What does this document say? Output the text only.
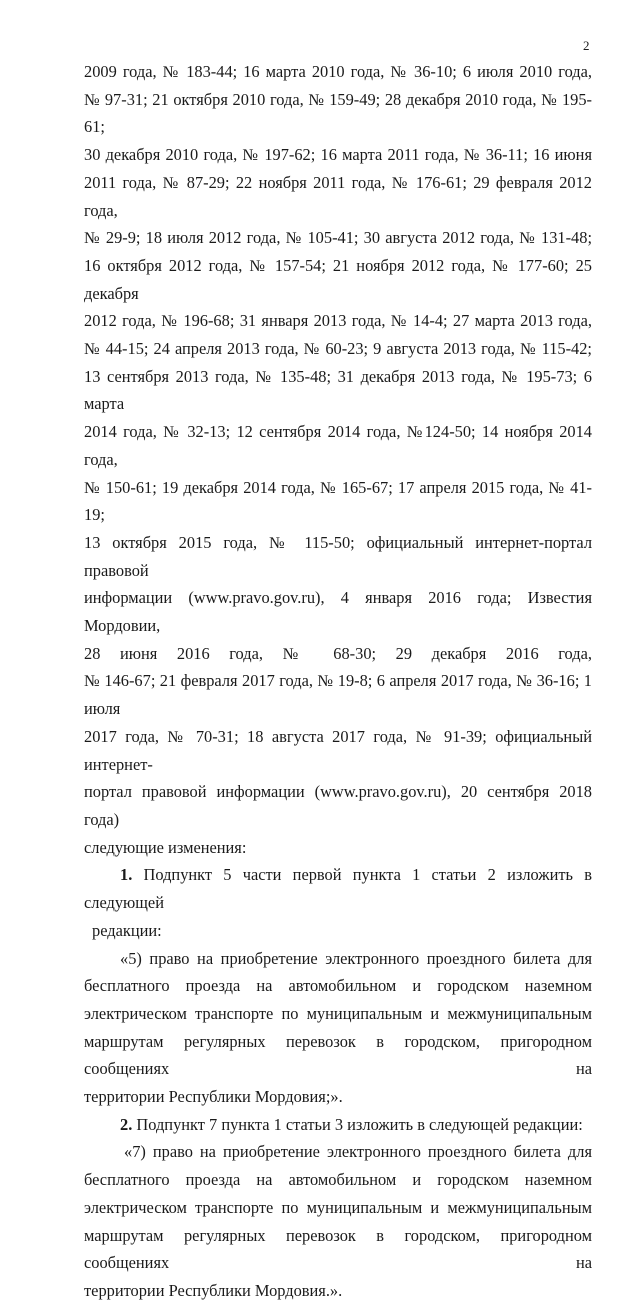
2

2009 года, № 183-44; 16 марта 2010 года, № 36-10; 6 июля 2010 года,
№ 97-31; 21 октября 2010 года, № 159-49; 28 декабря 2010 года, № 195-61;
30 декабря 2010 года, № 197-62; 16 марта 2011 года, № 36-11; 16 июня
2011 года, № 87-29; 22 ноября 2011 года, № 176-61; 29 февраля 2012 года,
№ 29-9; 18 июля 2012 года, № 105-41; 30 августа 2012 года, № 131-48;
16 октября 2012 года, № 157-54; 21 ноября 2012 года, № 177-60; 25 декабря
2012 года, № 196-68; 31 января 2013 года, № 14-4; 27 марта 2013 года,
№ 44-15; 24 апреля 2013 года, № 60-23; 9 августа 2013 года, № 115-42;
13 сентября 2013 года, № 135-48; 31 декабря 2013 года, № 195-73; 6 марта
2014 года, № 32-13; 12 сентября 2014 года, №124-50; 14 ноября 2014 года,
№ 150-61; 19 декабря 2014 года, № 165-67; 17 апреля 2015 года, № 41-19;
13 октября 2015 года, № 115-50; официальный интернет-портал правовой
информации (www.pravo.gov.ru), 4 января 2016 года; Известия Мордовии,
28 июня 2016 года, № 68-30; 29 декабря 2016 года,
№ 146-67; 21 февраля 2017 года, № 19-8; 6 апреля 2017 года, № 36-16; 1 июля
2017 года, № 70-31; 18 августа 2017 года, № 91-39; официальный интернет-
портал правовой информации (www.pravo.gov.ru), 20 сентября 2018 года)
следующие изменения:

1. Подпункт 5 части первой пункта 1 статьи 2 изложить в следующей

редакции:

«5) право на приобретение электронного проездного билета для
бесплатного проезда на автомобильном и городском наземном
электрическом транспорте по муниципальным и межмуниципальным
маршрутам регулярных перевозок в городском, пригородном сообщениях на
территории Республики Мордовия;».

2. Подпункт 7 пункта 1 статьи 3 изложить в следующей редакции:

«7) право на приобретение электронного проездного билета для
бесплатного проезда на автомобильном и городском наземном
электрическом транспорте по муниципальным и межмуниципальным
маршрутам регулярных перевозок в городском, пригородном сообщениях на
территории Республики Мордовия.».
